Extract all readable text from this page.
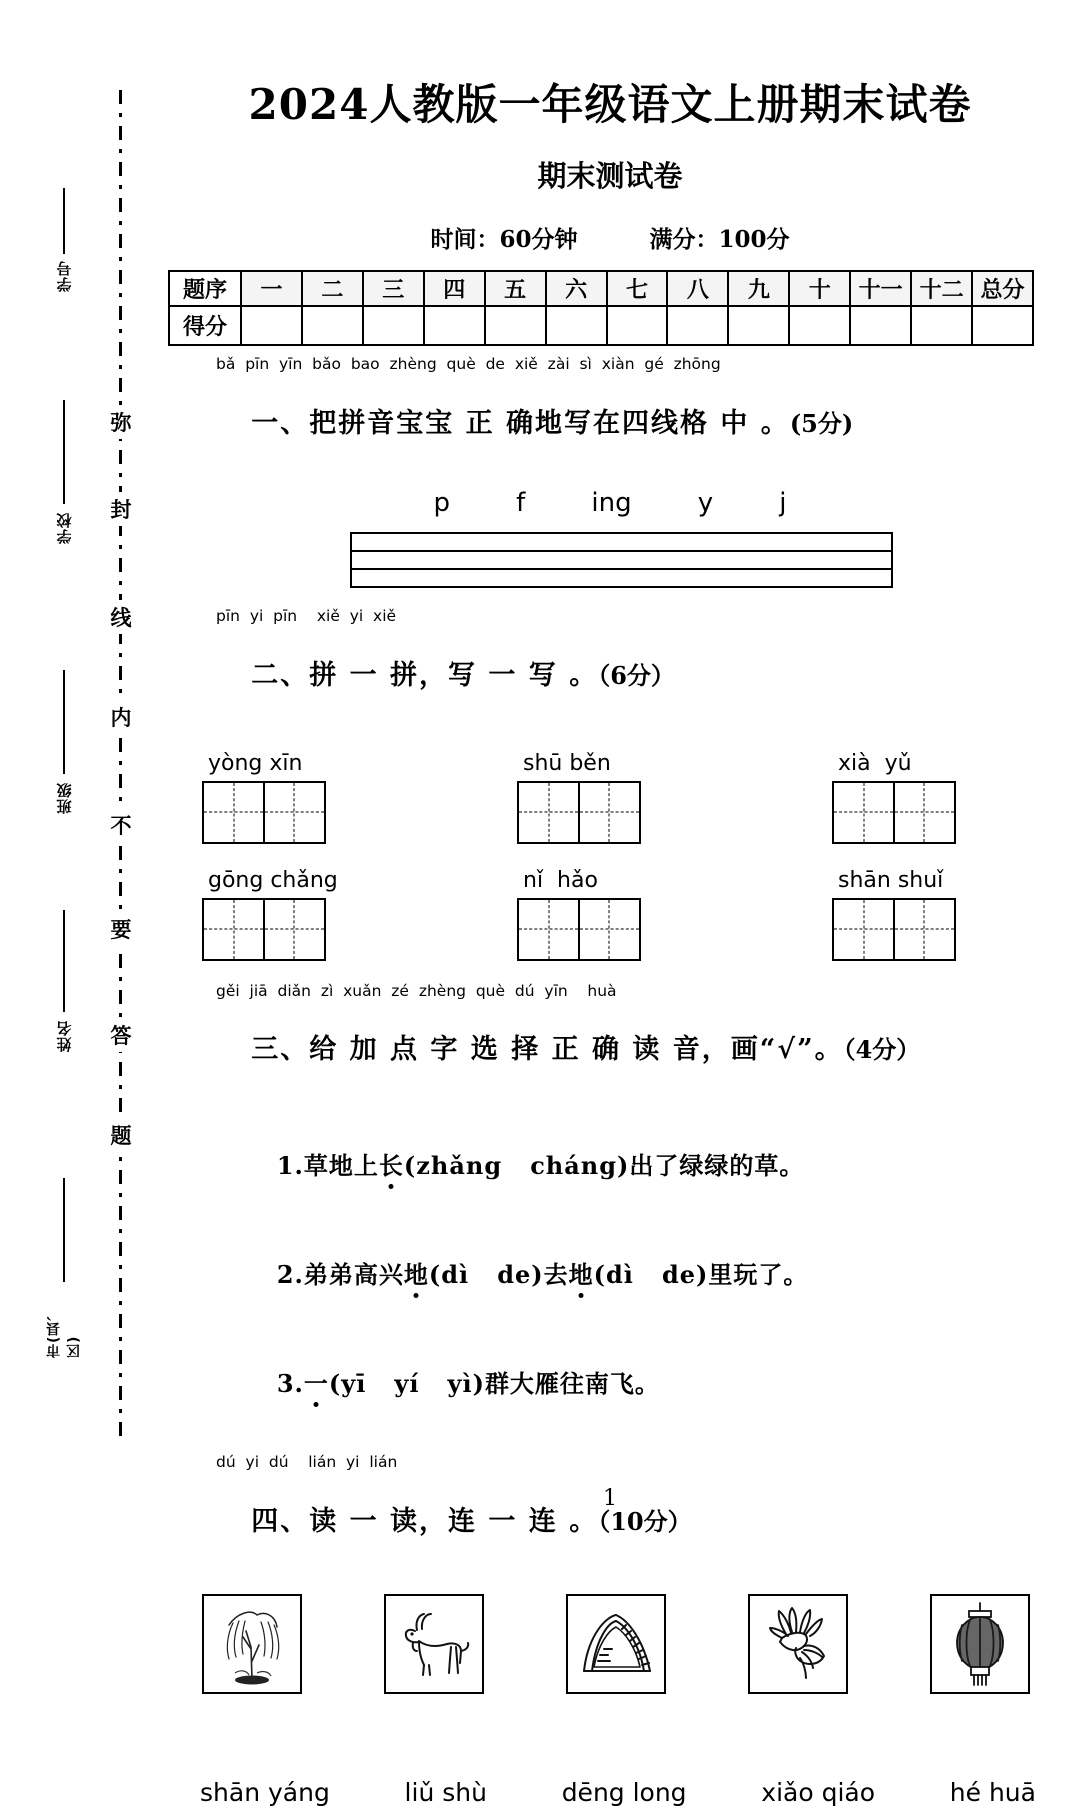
学号
学校
班级
姓名
市(县、区)
弥
封
线
内
不
要
答
题
2024人教版一年级语文上册期末试卷
期末测试卷
时间：60分钟	满分：100分
题序	一	二	三	四	五	六	七	八	九	十	十一	十二	总分
得分													
bǎ  pīn  yīn  bǎo  bao  zhèng  què  de  xiě  zài  sì  xiàn  gé  zhōng

一、把拼音宝宝 正 确地写在四线格 中 。(5分)

p        f        ing        y        j
pīn  yi  pīn    xiě  yi  xiě

二、拼 一 拼，写 一 写 。（6分）

yòng xīn	shū běn	xià  yǔ
gōng chǎng	nǐ  hǎo	shān shuǐ
gěi  jiā  diǎn  zì  xuǎn  zé  zhèng  què  dú  yīn    huà

三、给 加 点 字 选 择 正 确 读 音，画“√”。（4分）

1.草地上长(zhǎng   cháng)出了绿绿的草。

2.弟弟高兴地(dì   de)去地(dì   de)里玩了。

3.一(yī   yí   yì)群大雁往南飞。

dú  yi  dú    lián  yi  lián

四、读 一 读，连 一 连 。（10分）

shān yáng	liǔ shù	dēng long	xiǎo qiáo	hé huā
1
